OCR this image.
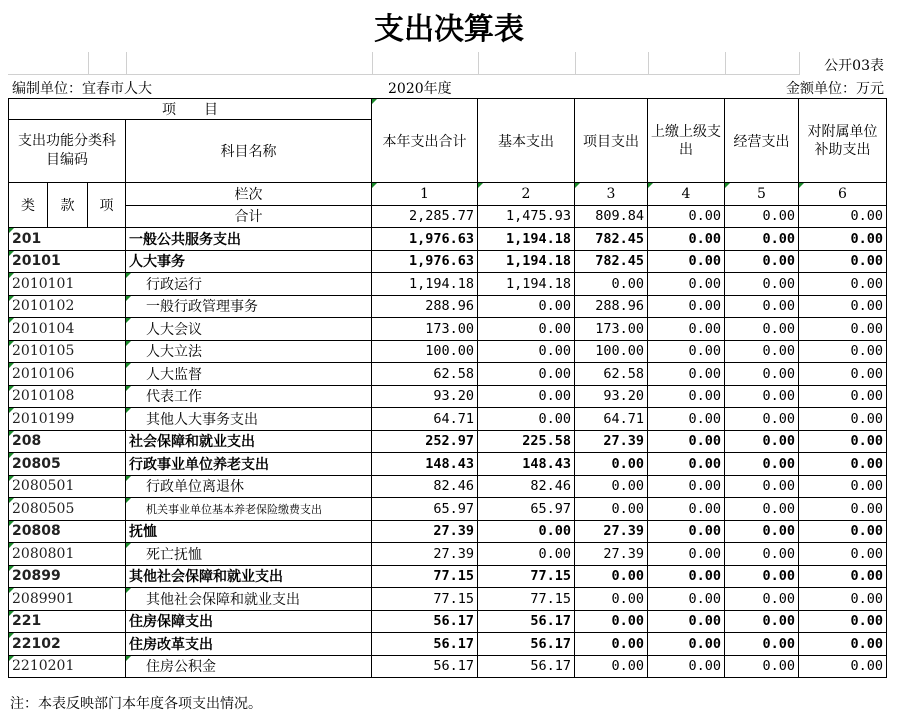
支出决算表
公开03表
编制单位：宜春市人大	2020年度	金额单位：万元
项　　目				本年支出合计	基本支出	项目支出	上缴上级支出	经营支出	对附属单位补助支出
支出功能分类科目编码			科目名称						

类	款	项	栏次	1	2	3	4	5	6
			合计	2,285.77	1,475.93	809.84	0.00	0.00	0.00
201			一般公共服务支出	1,976.63	1,194.18	782.45	0.00	0.00	0.00
20101			人大事务	1,976.63	1,194.18	782.45	0.00	0.00	0.00
2010101			行政运行	1,194.18	1,194.18	0.00	0.00	0.00	0.00
2010102			一般行政管理事务	288.96	0.00	288.96	0.00	0.00	0.00
2010104			人大会议	173.00	0.00	173.00	0.00	0.00	0.00
2010105			人大立法	100.00	0.00	100.00	0.00	0.00	0.00
2010106			人大监督	62.58	0.00	62.58	0.00	0.00	0.00
2010108			代表工作	93.20	0.00	93.20	0.00	0.00	0.00
2010199			其他人大事务支出	64.71	0.00	64.71	0.00	0.00	0.00
208			社会保障和就业支出	252.97	225.58	27.39	0.00	0.00	0.00
20805			行政事业单位养老支出	148.43	148.43	0.00	0.00	0.00	0.00
2080501			行政单位离退休	82.46	82.46	0.00	0.00	0.00	0.00
2080505			机关事业单位基本养老保险缴费支出	65.97	65.97	0.00	0.00	0.00	0.00
20808			抚恤	27.39	0.00	27.39	0.00	0.00	0.00
2080801			死亡抚恤	27.39	0.00	27.39	0.00	0.00	0.00
20899			其他社会保障和就业支出	77.15	77.15	0.00	0.00	0.00	0.00
2089901			其他社会保障和就业支出	77.15	77.15	0.00	0.00	0.00	0.00
221			住房保障支出	56.17	56.17	0.00	0.00	0.00	0.00
22102			住房改革支出	56.17	56.17	0.00	0.00	0.00	0.00
2210201			住房公积金	56.17	56.17	0.00	0.00	0.00	0.00
注：本表反映部门本年度各项支出情况。
